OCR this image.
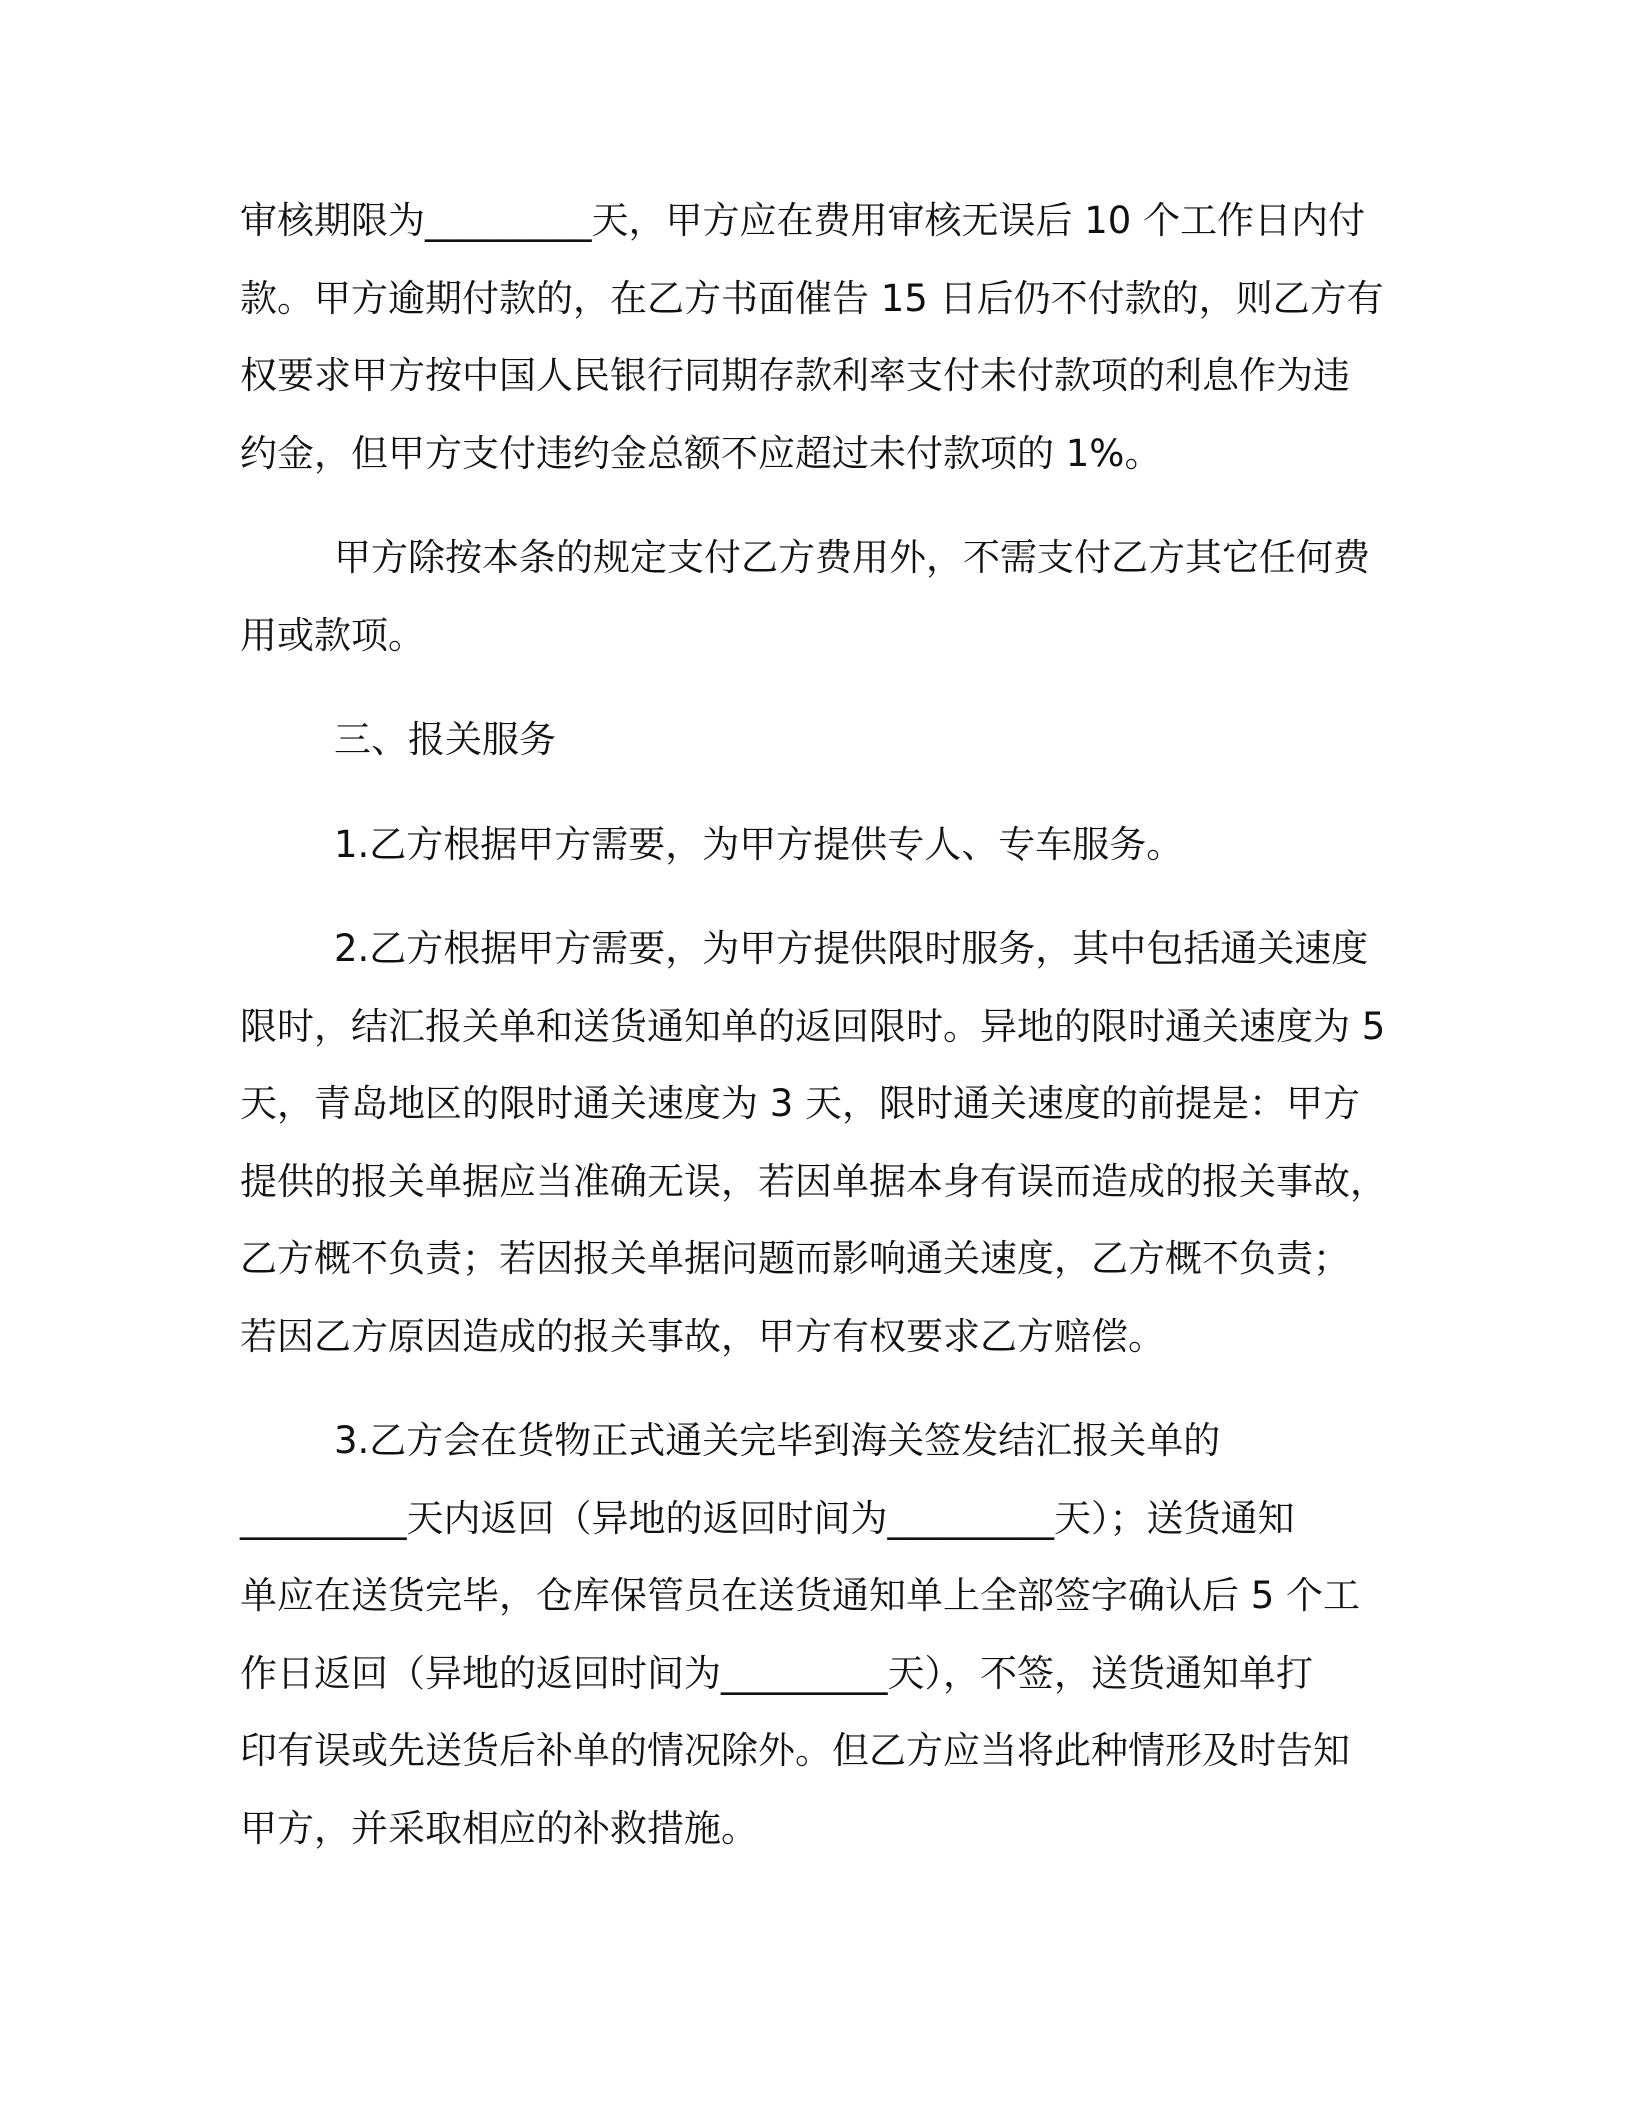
审核期限为_________天，甲方应在费用审核无误后 10 个工作日内付
款。甲方逾期付款的，在乙方书面催告 15 日后仍不付款的，则乙方有
权要求甲方按中国人民银行同期存款利率支付未付款项的利息作为违
约金，但甲方支付违约金总额不应超过未付款项的 1%。
甲方除按本条的规定支付乙方费用外，不需支付乙方其它任何费
用或款项。
三、报关服务
1.乙方根据甲方需要，为甲方提供专人、专车服务。
2.乙方根据甲方需要，为甲方提供限时服务，其中包括通关速度
限时，结汇报关单和送货通知单的返回限时。异地的限时通关速度为 5
天，青岛地区的限时通关速度为 3 天，限时通关速度的前提是：甲方
提供的报关单据应当准确无误，若因单据本身有误而造成的报关事故，
乙方概不负责；若因报关单据问题而影响通关速度，乙方概不负责；
若因乙方原因造成的报关事故，甲方有权要求乙方赔偿。
3.乙方会在货物正式通关完毕到海关签发结汇报关单的
_________天内返回（异地的返回时间为_________天）；送货通知
单应在送货完毕，仓库保管员在送货通知单上全部签字确认后 5 个工
作日返回（异地的返回时间为_________天），不签，送货通知单打
印有误或先送货后补单的情况除外。但乙方应当将此种情形及时告知
甲方，并采取相应的补救措施。
